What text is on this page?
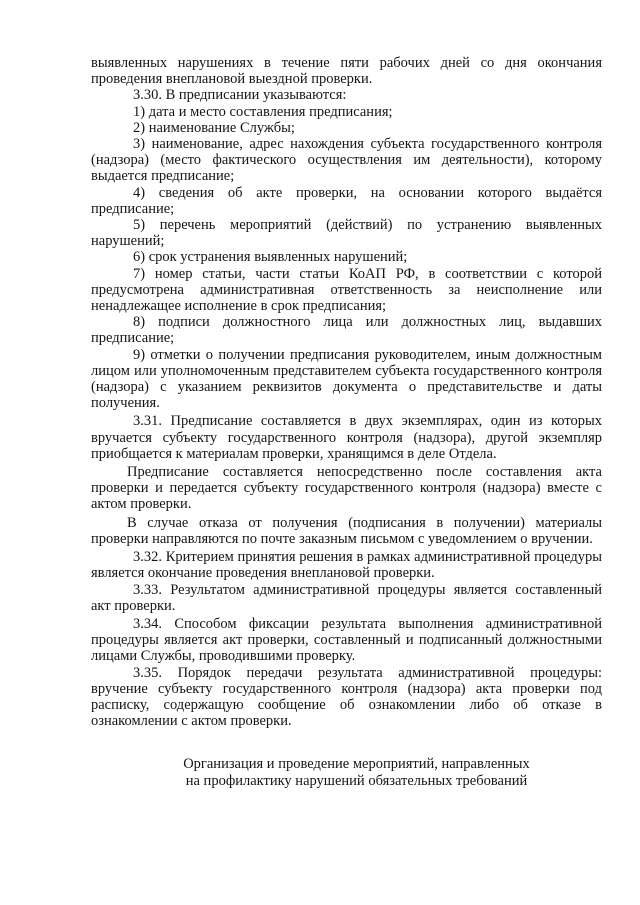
выявленных нарушениях в течение пяти рабочих дней со дня окончания проведения внеплановой выездной проверки.

3.30. В предписании указываются:

1) дата и место составления предписания;

2) наименование Службы;

3) наименование, адрес нахождения субъекта государственного контроля (надзора) (место фактического осуществления им деятельности), которому выдается предписание;

4) сведения об акте проверки, на основании которого выдаётся предписание;

5) перечень мероприятий (действий) по устранению выявленных нарушений;

6) срок устранения выявленных нарушений;

7) номер статьи, части статьи КоАП РФ, в соответствии с которой предусмотрена административная ответственность за неисполнение или ненадлежащее исполнение в срок предписания;

8) подписи должностного лица или должностных лиц, выдавших предписание;

9) отметки о получении предписания руководителем, иным должностным лицом или уполномоченным представителем субъекта государственного контроля (надзора) с указанием реквизитов документа о представительстве и даты получения.

3.31. Предписание составляется в двух экземплярах, один из которых вручается субъекту государственного контроля (надзора), другой экземпляр приобщается к материалам проверки, хранящимся в деле Отдела.

Предписание составляется непосредственно после составления акта проверки и передается субъекту государственного контроля (надзора) вместе с актом проверки.

В случае отказа от получения (подписания в получении) материалы проверки направляются по почте заказным письмом с уведомлением о вручении.

3.32. Критерием принятия решения в рамках административной процедуры является окончание проведения внеплановой проверки.

3.33. Результатом административной процедуры является составленный акт проверки.

3.34. Способом фиксации результата выполнения административной процедуры является акт проверки, составленный и подписанный должностными лицами Службы, проводившими проверку.

3.35. Порядок передачи результата административной процедуры: вручение субъекту государственного контроля (надзора) акта проверки под расписку, содержащую сообщение об ознакомлении либо об отказе в ознакомлении с актом проверки.

Организация и проведение мероприятий, направленных
на профилактику нарушений обязательных требований
